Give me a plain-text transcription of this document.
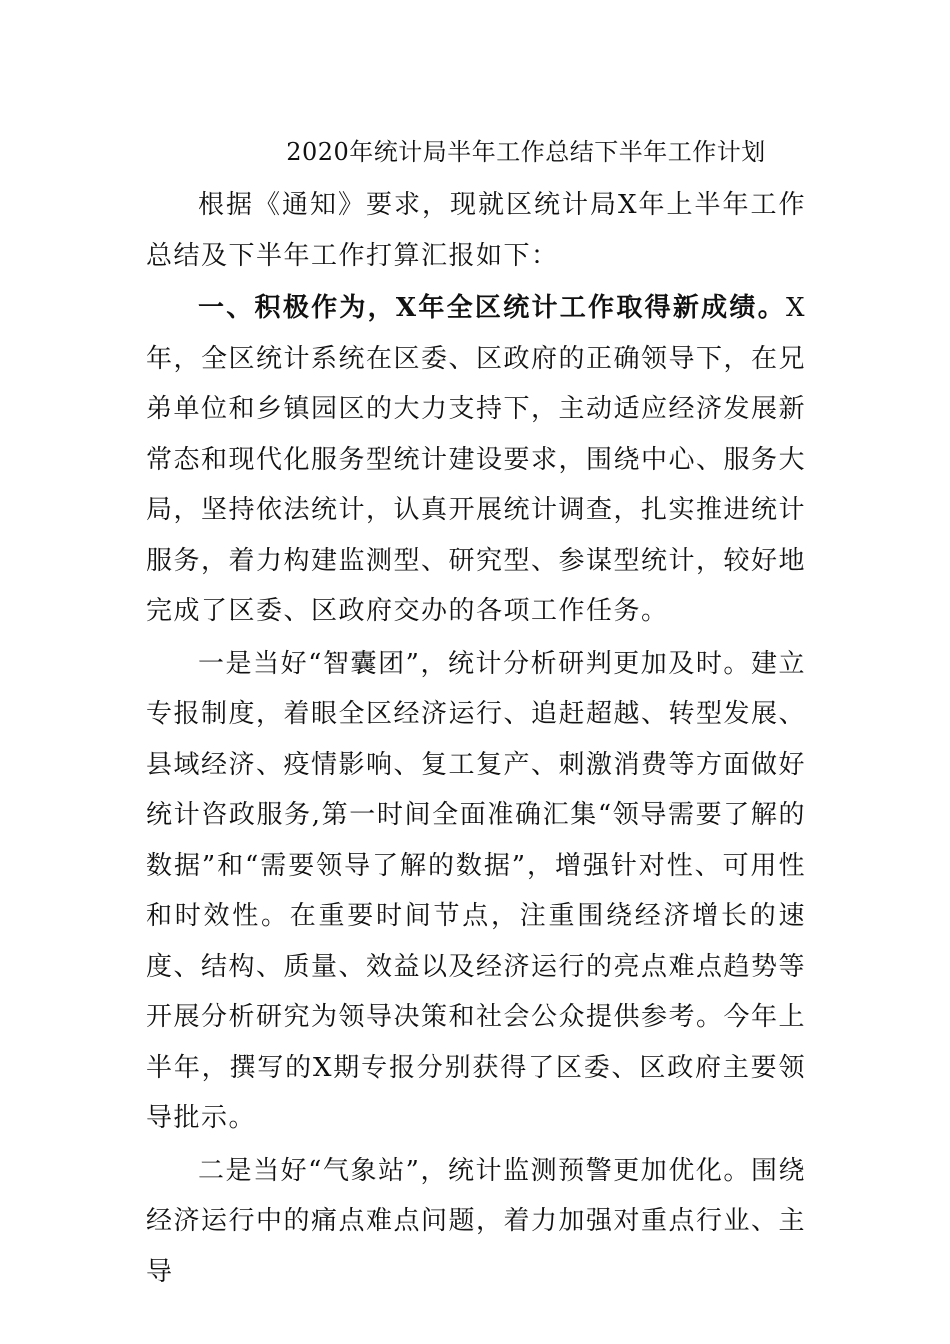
2020年统计局半年工作总结下半年工作计划

根据《通知》要求，现就区统计局X年上半年工作总结及下半年工作打算汇报如下：

一、积极作为，X年全区统计工作取得新成绩。X年，全区统计系统在区委、区政府的正确领导下，在兄弟单位和乡镇园区的大力支持下，主动适应经济发展新常态和现代化服务型统计建设要求，围绕中心、服务大局，坚持依法统计，认真开展统计调查，扎实推进统计服务，着力构建监测型、研究型、参谋型统计，较好地完成了区委、区政府交办的各项工作任务。

一是当好“智囊团”，统计分析研判更加及时。建立专报制度，着眼全区经济运行、追赶超越、转型发展、县域经济、疫情影响、复工复产、刺激消费等方面做好统计咨政服务,第一时间全面准确汇集“领导需要了解的数据”和“需要领导了解的数据”，增强针对性、可用性和时效性。在重要时间节点，注重围绕经济增长的速度、结构、质量、效益以及经济运行的亮点难点趋势等开展分析研究为领导决策和社会公众提供参考。今年上半年，撰写的X期专报分别获得了区委、区政府主要领导批示。

二是当好“气象站”，统计监测预警更加优化。围绕经济运行中的痛点难点问题，着力加强对重点行业、主导
